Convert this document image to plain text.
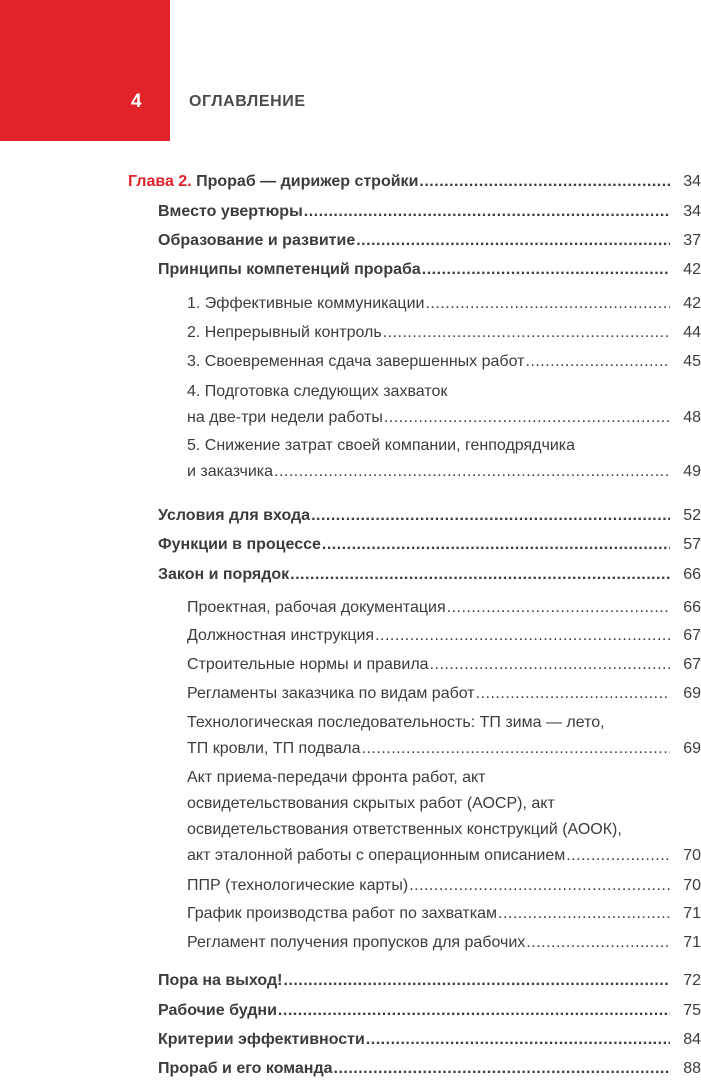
4	ОГЛАВЛЕНИЕ
Глава 2. Прораб — дирижер стройки .....	34
Вместо увертюры .....	34
Образование и развитие .....	37
Принципы компетенций прораба .....	42
1. Эффективные коммуникации .....	42
2. Непрерывный контроль .....	44
3. Своевременная сдача завершенных работ .....	45
4. Подготовка следующих захваток
на две-три недели работы .....	48
5. Снижение затрат своей компании, генподрядчика
и заказчика .....	49
Условия для входа .....	52
Функции в процессе .....	57
Закон и порядок .....	66
Проектная, рабочая документация .....	66
Должностная инструкция .....	67
Строительные нормы и правила .....	67
Регламенты заказчика по видам работ .....	69
Технологическая последовательность: ТП зима — лето,
ТП кровли, ТП подвала .....	69
Акт приема-передачи фронта работ, акт
освидетельствования скрытых работ (АОСР), акт
освидетельствования ответственных конструкций (АООК),
акт эталонной работы с операционным описанием .....	70
ППР (технологические карты) .....	70
График производства работ по захваткам .....	71
Регламент получения пропусков для рабочих .....	71
Пора на выход! .....	72
Рабочие будни .....	75
Критерии эффективности .....	84
Прораб и его команда .....	88
